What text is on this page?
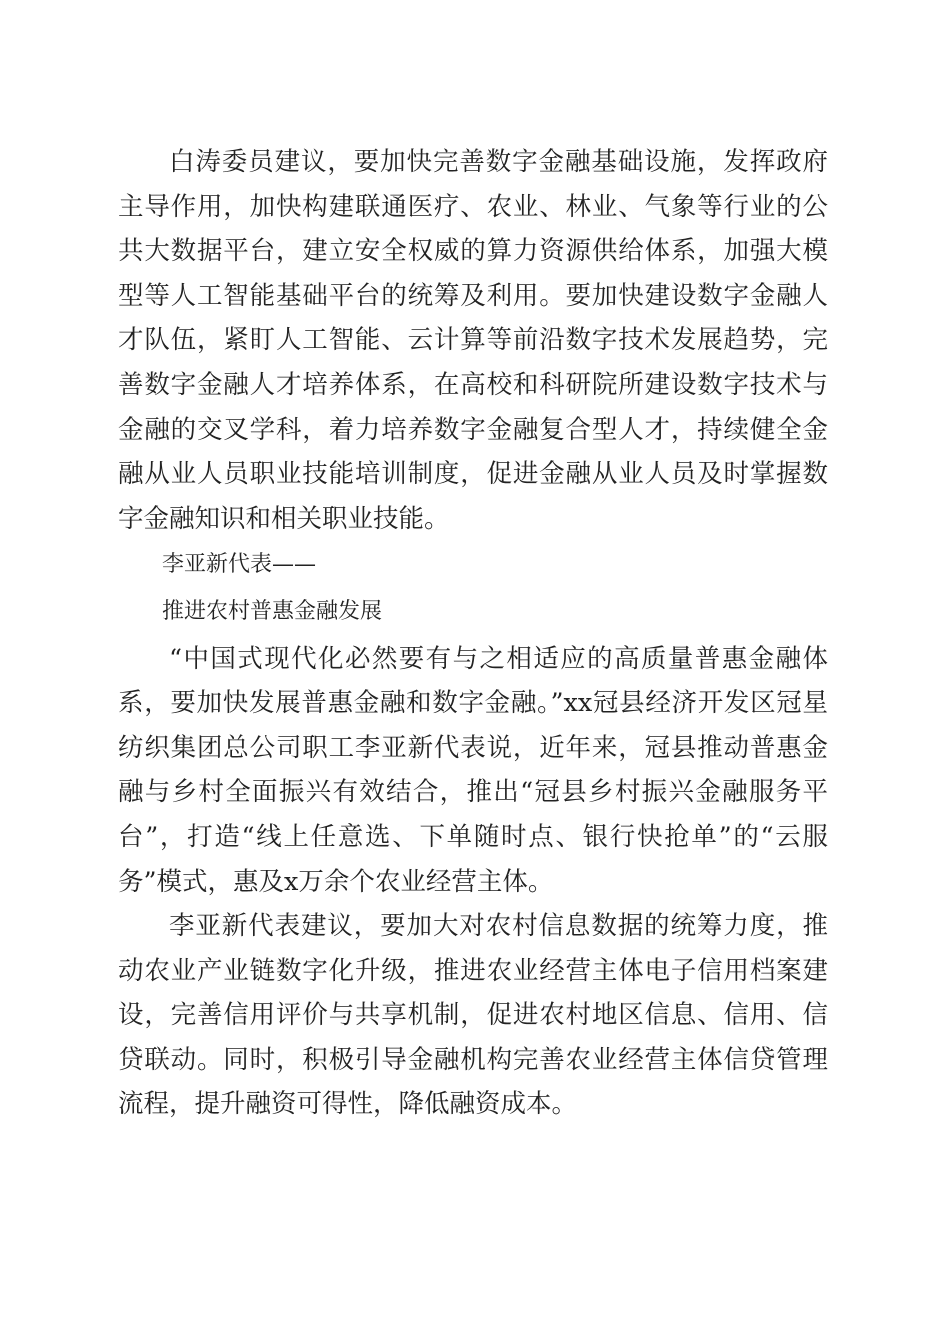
白涛委员建议，要加快完善数字金融基础设施，发挥政府主导作用，加快构建联通医疗、农业、林业、气象等行业的公共大数据平台，建立安全权威的算力资源供给体系，加强大模型等人工智能基础平台的统筹及利用。要加快建设数字金融人才队伍，紧盯人工智能、云计算等前沿数字技术发展趋势，完善数字金融人才培养体系，在高校和科研院所建设数字技术与金融的交叉学科，着力培养数字金融复合型人才，持续健全金融从业人员职业技能培训制度，促进金融从业人员及时掌握数字金融知识和相关职业技能。

李亚新代表——

推进农村普惠金融发展

“中国式现代化必然要有与之相适应的高质量普惠金融体系，要加快发展普惠金融和数字金融。”xx冠县经济开发区冠星纺织集团总公司职工李亚新代表说，近年来，冠县推动普惠金融与乡村全面振兴有效结合，推出“冠县乡村振兴金融服务平台”，打造“线上任意选、下单随时点、银行快抢单”的“云服务”模式，惠及x万余个农业经营主体。

李亚新代表建议，要加大对农村信息数据的统筹力度，推动农业产业链数字化升级，推进农业经营主体电子信用档案建设，完善信用评价与共享机制，促进农村地区信息、信用、信贷联动。同时，积极引导金融机构完善农业经营主体信贷管理流程，提升融资可得性，降低融资成本。
